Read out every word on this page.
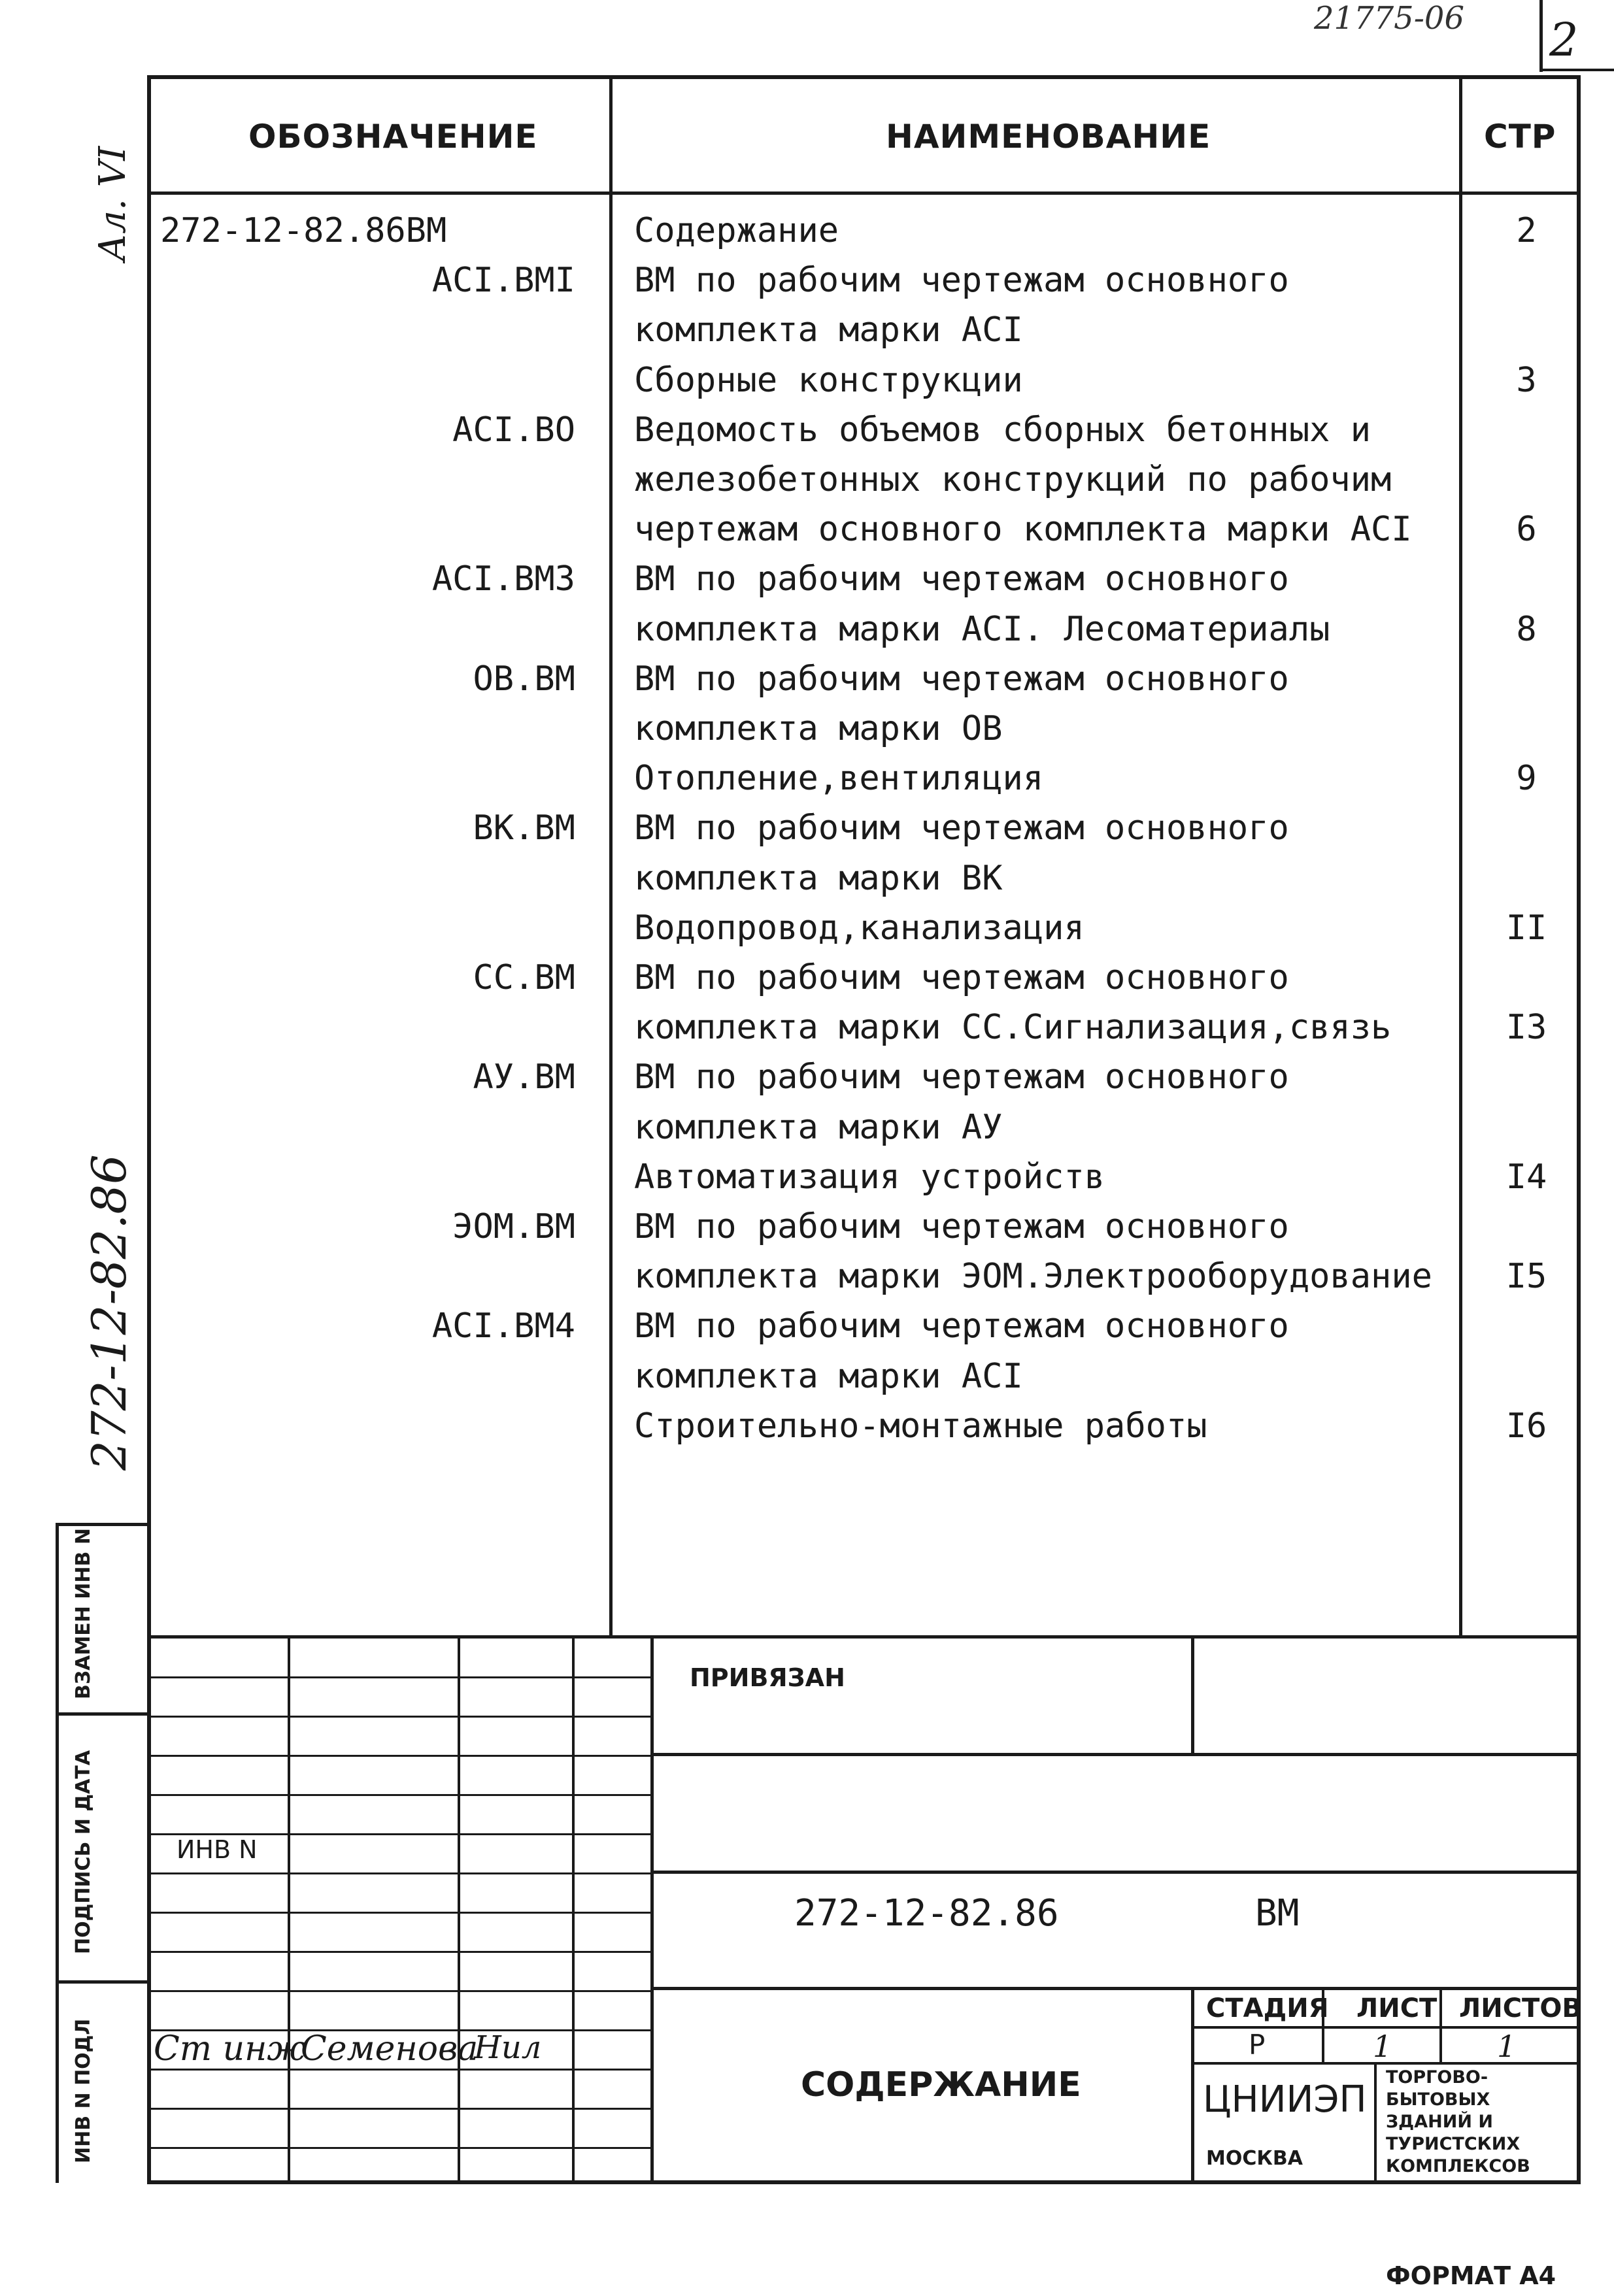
21775-06 2
Ал. VI
272-12-82.86
ОБОЗНАЧЕНИЕ	НАИМЕНОВАНИЕ	СТР
ВЗАМЕН ИНВ N
ПОДПИСЬ И ДАТА
ИНВ N ПОДЛ
ПРИВЯЗАН
ИНВ N
272-12-82.86	ВМ
Ст инж
Семенова
Нил
СОДЕРЖАНИЕ
СТАДИЯ ЛИСТ ЛИСТОВ
Р	1	1
ЦНИИЭП
МОСКВА
ТОРГОВО-
БЫТОВЫХ
ЗДАНИЙ И
ТУРИСТСКИХ
КОМПЛЕКСОВ
ФОРМАТ А4
272-12-82.86ВМ	Содержание	2
АСI.ВМI ВМ по рабочим чертежам основного
комплекта марки АСI
Сборные конструкции	3
АСI.ВО Ведомость объемов сборных бетонных и
железобетонных конструкций по рабочим
чертежам основного комплекта марки АСI	6
АСI.ВМ3 ВМ по рабочим чертежам основного
комплекта марки АСI. Лесоматериалы	8
ОВ.ВМ ВМ по рабочим чертежам основного
комплекта марки ОВ
Отопление,вентиляция	9
ВК.ВМ ВМ по рабочим чертежам основного
комплекта марки ВК
Водопровод,канализация	II
СС.ВМ ВМ по рабочим чертежам основного
комплекта марки СС.Сигнализация,связь	I3
АУ.ВМ ВМ по рабочим чертежам основного
комплекта марки АУ
Автоматизация устройств	I4
ЭОМ.ВМ ВМ по рабочим чертежам основного
комплекта марки ЭОМ.Электрооборудование	I5
АСI.ВМ4 ВМ по рабочим чертежам основного
комплекта марки АСI
Строительно-монтажные работы	I6
